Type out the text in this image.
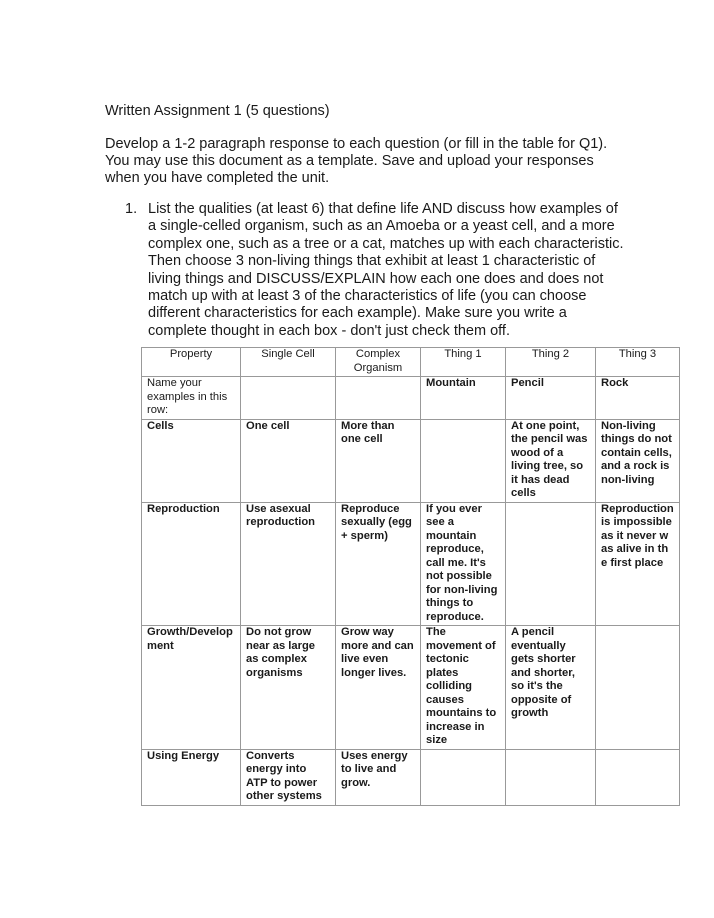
Written Assignment 1 (5 questions)
Develop a 1-2 paragraph response to each question (or fill in the table for Q1).
You may use this document as a template. Save and upload your responses
when you have completed the unit.
1. List the qualities (at least 6) that define life AND discuss how examples of
a single-celled organism, such as an Amoeba or a yeast cell, and a more
complex one, such as a tree or a cat, matches up with each characteristic.
Then choose 3 non-living things that exhibit at least 1 characteristic of
living things and DISCUSS/EXPLAIN how each one does and does not
match up with at least 3 of the characteristics of life (you can choose
different characteristics for each example). Make sure you write a
complete thought in each box - don't just check them off.
Property	Single Cell	Complex Organism	Thing 1	Thing 2	Thing 3
Name your examples in this row:			Mountain	Pencil	Rock
Cells	One cell	More than one cell		At one point, the pencil was wood of a living tree, so it has dead cells	Non-living things do not contain cells, and a rock is non-living
Reproduction	Use asexual reproduction	Reproduce sexually (egg + sperm)	If you ever see a mountain reproduce, call me. It's not possible for non-living things to reproduce.		Reproduction is impossible as it never was alive in the first place
Growth/Development	Do not grow near as large as complex organisms	Grow way more and can live even longer lives.	The movement of tectonic plates colliding causes mountains to increase in size	A pencil eventually gets shorter and shorter, so it's the opposite of growth	
Using Energy	Converts energy into ATP to power other systems	Uses energy to live and grow.			
